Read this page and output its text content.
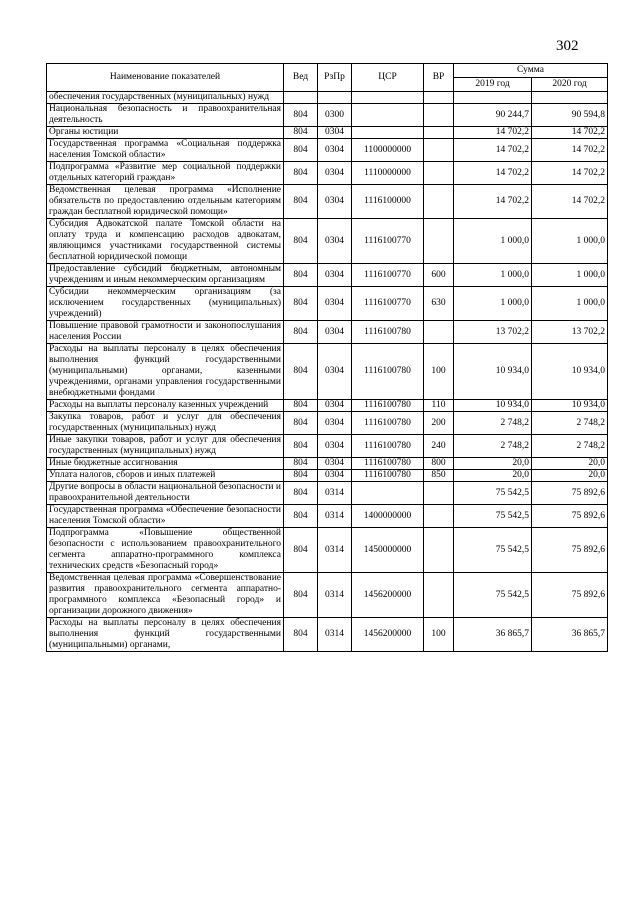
302
Наименование показателей	Вед	РзПр	ЦСР	ВР	Сумма	
					2019 год	2020 год
обеспечения государственных (муниципальных) нужд						
Национальная безопасность и правоохранительная деятельность	804	0300			90 244,7	90 594,8
Органы юстиции	804	0304			14 702,2	14 702,2
Государственная программа «Социальная поддержка населения Томской области»	804	0304	1100000000		14 702,2	14 702,2
Подпрограмма «Развитие мер социальной поддержки отдельных категорий граждан»	804	0304	1110000000		14 702,2	14 702,2
Ведомственная целевая программа «Исполнение обязательств по предоставлению отдельным категориям граждан бесплатной юридической помощи»	804	0304	1116100000		14 702,2	14 702,2
Субсидия Адвокатской палате Томской области на оплату труда и компенсацию расходов адвокатам, являющимся участниками государственной системы бесплатной юридической помощи	804	0304	1116100770		1 000,0	1 000,0
Предоставление субсидий бюджетным, автономным учреждениям и иным некоммерческим организациям	804	0304	1116100770	600	1 000,0	1 000,0
Субсидии некоммерческим организациям (за исключением государственных (муниципальных) учреждений)	804	0304	1116100770	630	1 000,0	1 000,0
Повышение правовой грамотности и законопослушания населения России	804	0304	1116100780		13 702,2	13 702,2
Расходы на выплаты персоналу в целях обеспечения выполнения функций государственными (муниципальными) органами, казенными учреждениями, органами управления государственными внебюджетными фондами	804	0304	1116100780	100	10 934,0	10 934,0
Расходы на выплаты персоналу казенных учреждений	804	0304	1116100780	110	10 934,0	10 934,0
Закупка товаров, работ и услуг для обеспечения государственных (муниципальных) нужд	804	0304	1116100780	200	2 748,2	2 748,2
Иные закупки товаров, работ и услуг для обеспечения государственных (муниципальных) нужд	804	0304	1116100780	240	2 748,2	2 748,2
Иные бюджетные ассигнования	804	0304	1116100780	800	20,0	20,0
Уплата налогов, сборов и иных платежей	804	0304	1116100780	850	20,0	20,0
Другие вопросы в области национальной безопасности и правоохранительной деятельности	804	0314			75 542,5	75 892,6
Государственная программа «Обеспечение безопасности населения Томской области»	804	0314	1400000000		75 542,5	75 892,6
Подпрограмма «Повышение общественной безопасности с использованием правоохранительного сегмента аппаратно-программного комплекса технических средств «Безопасный город»	804	0314	1450000000		75 542,5	75 892,6
Ведомственная целевая программа «Совершенствование развития правоохранительного сегмента аппаратно-программного комплекса «Безопасный город» и организации дорожного движения»	804	0314	1456200000		75 542,5	75 892,6
Расходы на выплаты персоналу в целях обеспечения выполнения функций государственными (муниципальными) органами,	804	0314	1456200000	100	36 865,7	36 865,7
